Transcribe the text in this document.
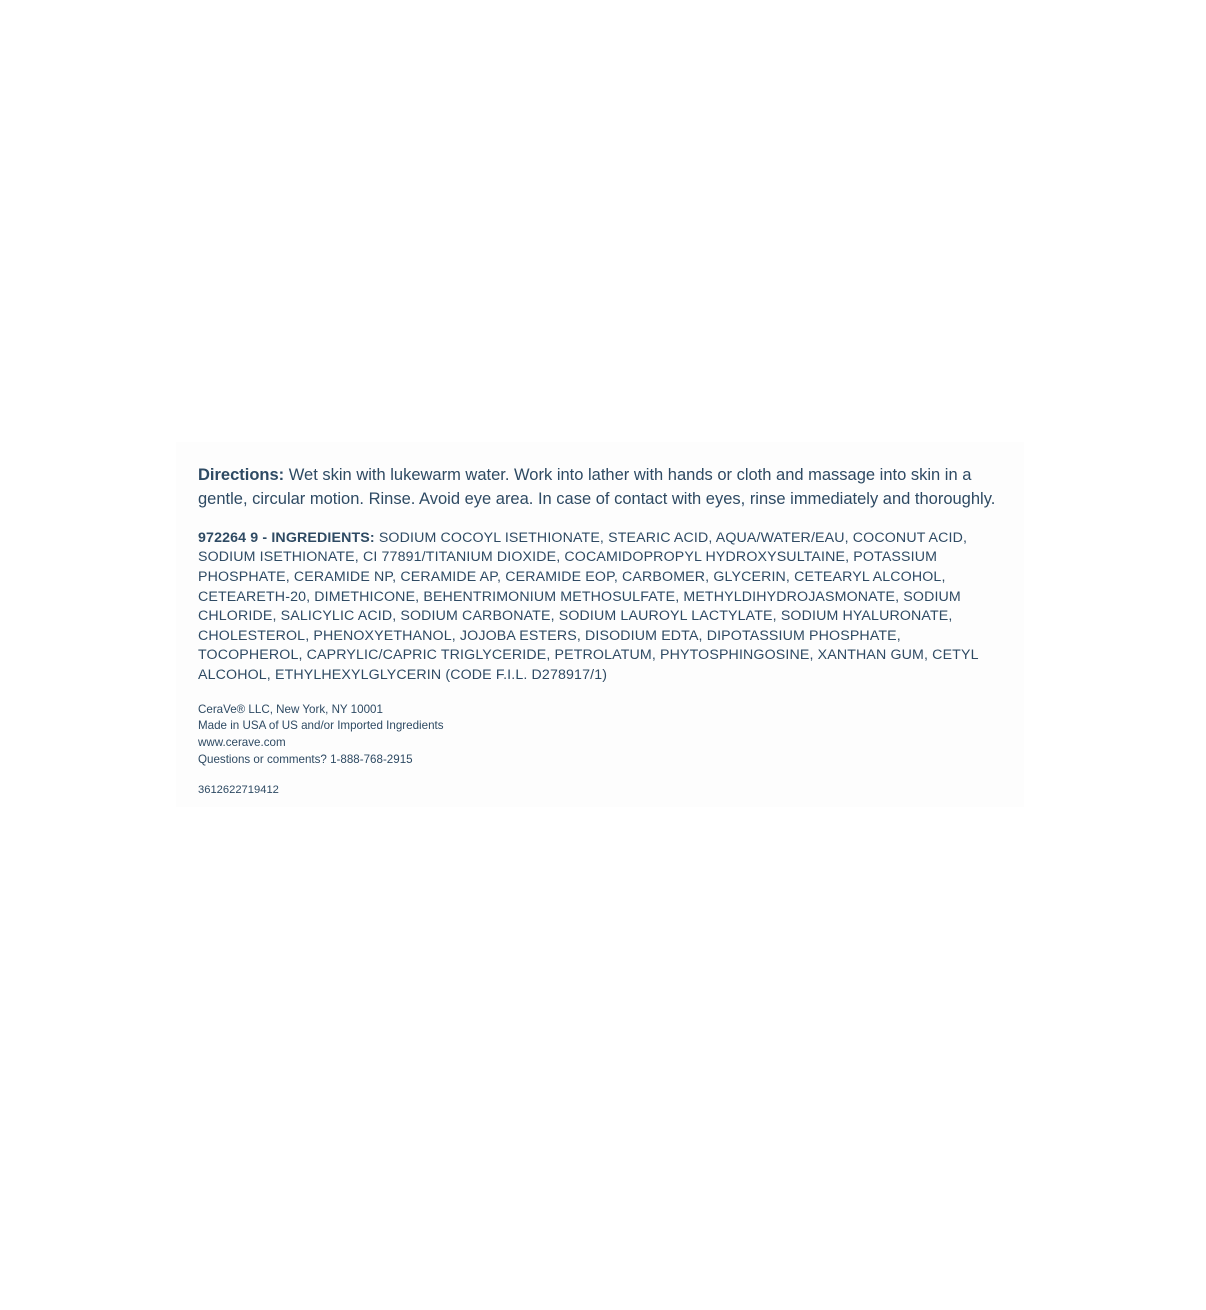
Directions: Wet skin with lukewarm water. Work into lather with hands or cloth and massage into skin in a gentle, circular motion. Rinse. Avoid eye area. In case of contact with eyes, rinse immediately and thoroughly.

972264 9 - INGREDIENTS: SODIUM COCOYL ISETHIONATE, STEARIC ACID, AQUA/WATER/EAU, COCONUT ACID, SODIUM ISETHIONATE, CI 77891/TITANIUM DIOXIDE, COCAMIDOPROPYL HYDROXYSULTAINE, POTASSIUM PHOSPHATE, CERAMIDE NP, CERAMIDE AP, CERAMIDE EOP, CARBOMER, GLYCERIN, CETEARYL ALCOHOL, CETEARETH-20, DIMETHICONE, BEHENTRIMONIUM METHOSULFATE, METHYLDIHYDROJASMONATE, SODIUM CHLORIDE, SALICYLIC ACID, SODIUM CARBONATE, SODIUM LAUROYL LACTYLATE, SODIUM HYALURONATE, CHOLESTEROL, PHENOXYETHANOL, JOJOBA ESTERS, DISODIUM EDTA, DIPOTASSIUM PHOSPHATE, TOCOPHEROL, CAPRYLIC/CAPRIC TRIGLYCERIDE, PETROLATUM, PHYTOSPHINGOSINE, XANTHAN GUM, CETYL ALCOHOL, ETHYLHEXYLGLYCERIN (CODE F.I.L. D278917/1)

CeraVe® LLC, New York, NY 10001
Made in USA of US and/or Imported Ingredients
www.cerave.com
Questions or comments? 1-888-768-2915
3612622719412
